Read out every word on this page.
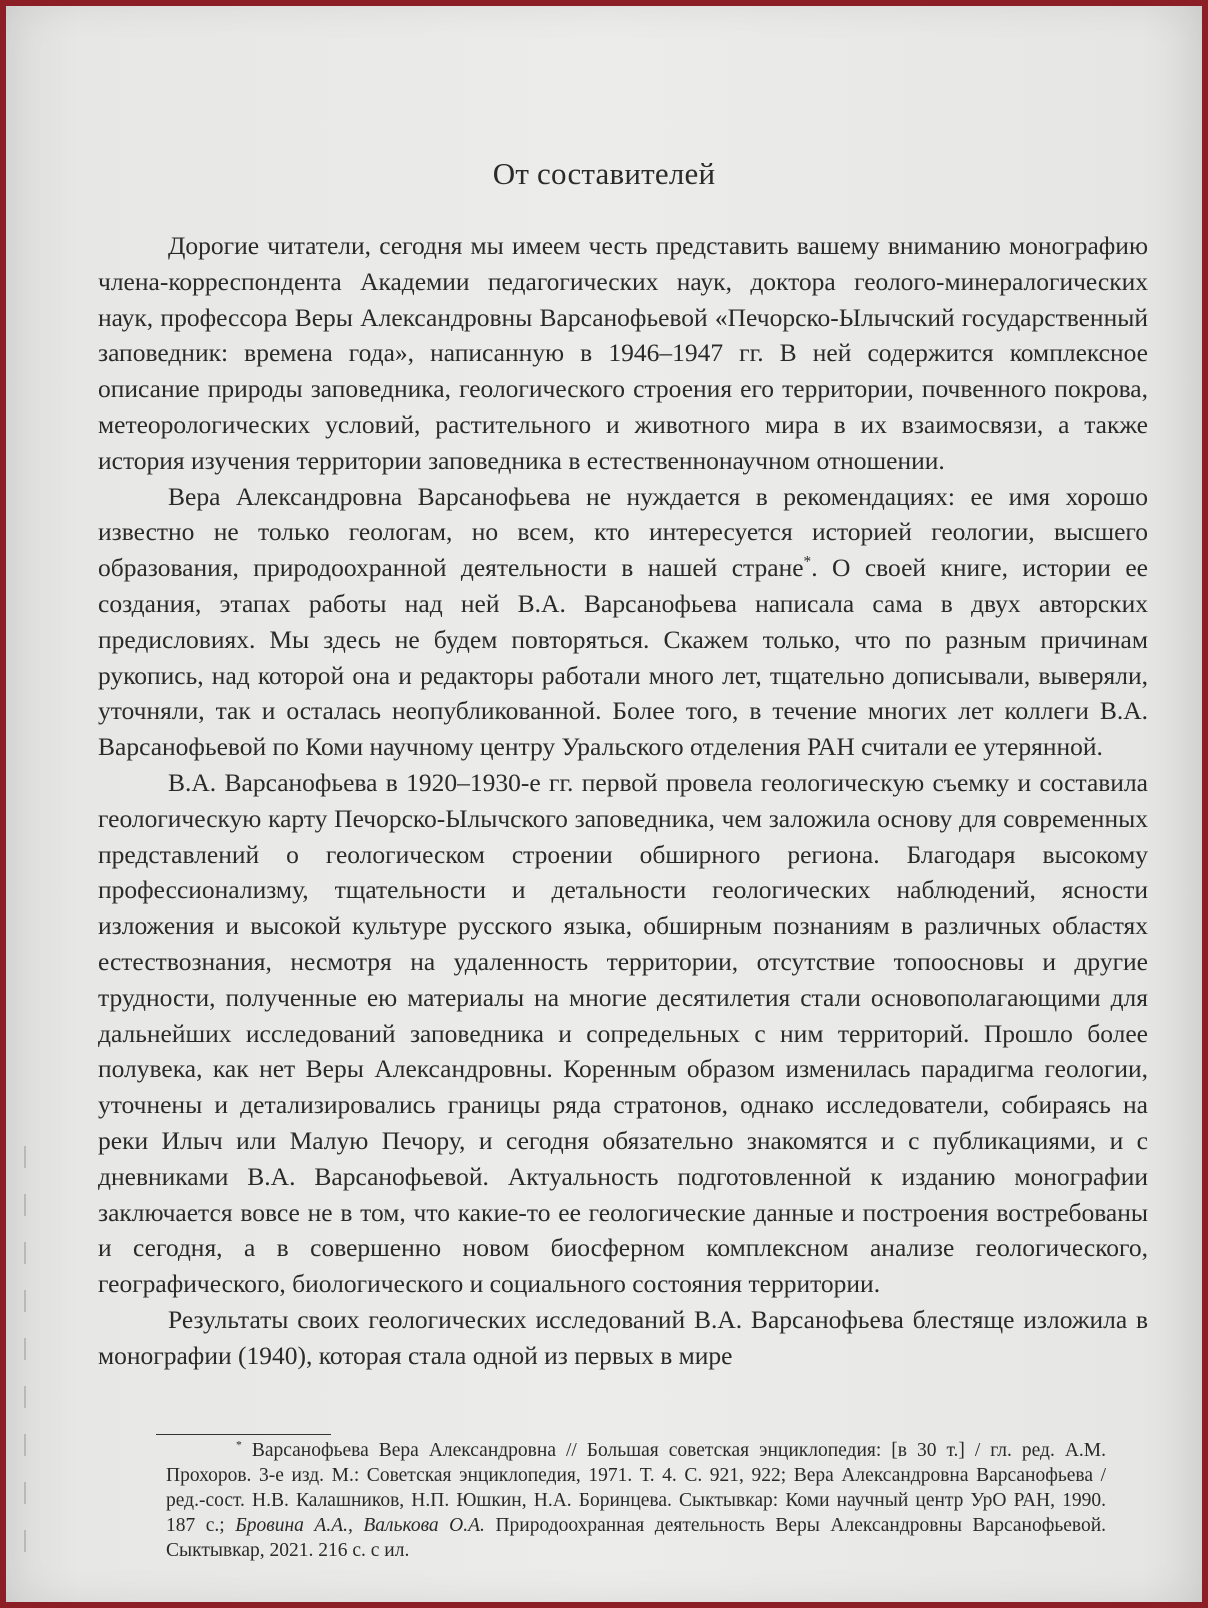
От составителей

Дорогие читатели, сегодня мы имеем честь представить вашему вниманию монографию члена-корреспондента Академии педагогических наук, доктора геолого-минералогических наук, профессора Веры Александровны Варсанофьевой «Печорско-Ылычский государственный заповедник: времена года», написанную в 1946–1947 гг. В ней содержится комплексное описание природы заповедника, геологического строения его территории, почвенного покрова, метеорологических условий, растительного и животного мира в их взаимосвязи, а также история изучения территории заповедника в естественнонаучном отношении.

Вера Александровна Варсанофьева не нуждается в рекомендациях: ее имя хорошо известно не только геологам, но всем, кто интересуется историей геологии, высшего образования, природоохранной деятельности в нашей стране*. О своей книге, истории ее создания, этапах работы над ней В.А. Варсанофьева написала сама в двух авторских предисловиях. Мы здесь не будем повторяться. Скажем только, что по разным причинам рукопись, над которой она и редакторы работали много лет, тщательно дописывали, выверяли, уточняли, так и осталась неопубликованной. Более того, в течение многих лет коллеги В.А. Варсанофьевой по Коми научному центру Уральского отделения РАН считали ее утерянной.

В.А. Варсанофьева в 1920–1930-е гг. первой провела геологическую съемку и составила геологическую карту Печорско-Ылычского заповедника, чем заложила основу для современных представлений о геологическом строении обширного региона. Благодаря высокому профессионализму, тщательности и детальности геологических наблюдений, ясности изложения и высокой культуре русского языка, обширным познаниям в различных областях естествознания, несмотря на удаленность территории, отсутствие топоосновы и другие трудности, полученные ею материалы на многие десятилетия стали основополагающими для дальнейших исследований заповедника и сопредельных с ним территорий. Прошло более полувека, как нет Веры Александровны. Коренным образом изменилась парадигма геологии, уточнены и детализировались границы ряда стратонов, однако исследователи, собираясь на реки Илыч или Малую Печору, и сегодня обязательно знакомятся и с публикациями, и с дневниками В.А. Варсанофьевой. Актуальность подготовленной к изданию монографии заключается вовсе не в том, что какие-то ее геологические данные и построения востребованы и сегодня, а в совершенно новом биосферном комплексном анализе геологического, географического, биологического и социального состояния территории.

Результаты своих геологических исследований В.А. Варсанофьева блестяще изложила в монографии (1940), которая стала одной из первых в мире

* Варсанофьева Вера Александровна // Большая советская энциклопедия: [в 30 т.] / гл. ред. А.М. Прохоров. 3-е изд. М.: Советская энциклопедия, 1971. Т. 4. С. 921, 922; Вера Александровна Варсанофьева / ред.-сост. Н.В. Калашников, Н.П. Юшкин, Н.А. Боринцева. Сыктывкар: Коми научный центр УрО РАН, 1990. 187 с.; Бровина А.А., Валькова О.А. Природоохранная деятельность Веры Александровны Варсанофьевой. Сыктывкар, 2021. 216 с. с ил.
